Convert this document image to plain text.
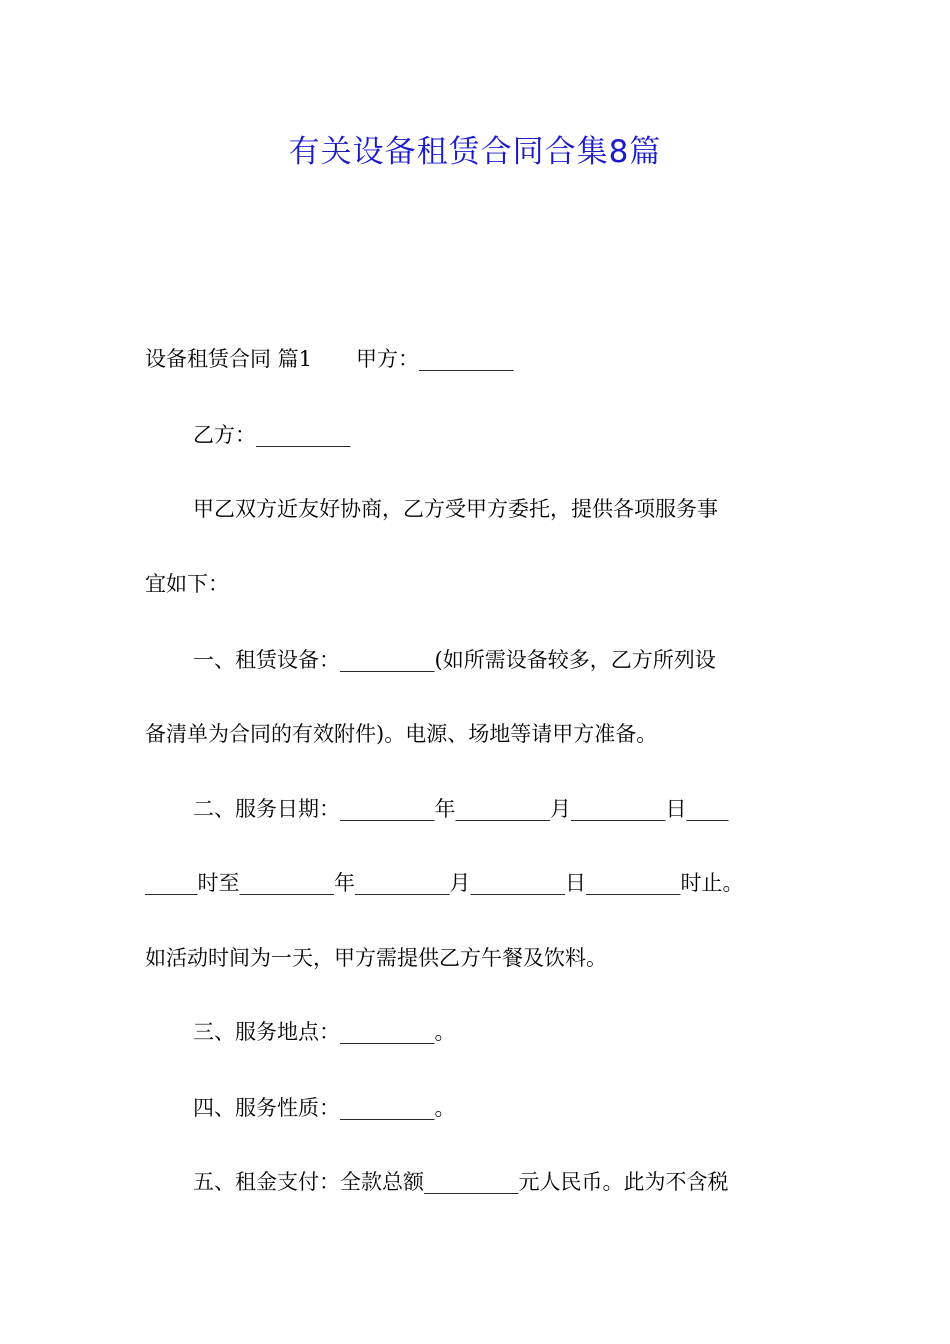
有关设备租赁合同合集8篇

设备租赁合同 篇1 甲方：_________

乙方：_________

甲乙双方近友好协商，乙方受甲方委托，提供各项服务事

宜如下：

一、租赁设备：_________(如所需设备较多，乙方所列设

备清单为合同的有效附件)。电源、场地等请甲方准备。

二、服务日期：_________年_________月_________日____

_____时至_________年_________月_________日_________时止。

如活动时间为一天，甲方需提供乙方午餐及饮料。

三、服务地点：_________。

四、服务性质：_________。

五、租金支付：全款总额_________元人民币。此为不含税
